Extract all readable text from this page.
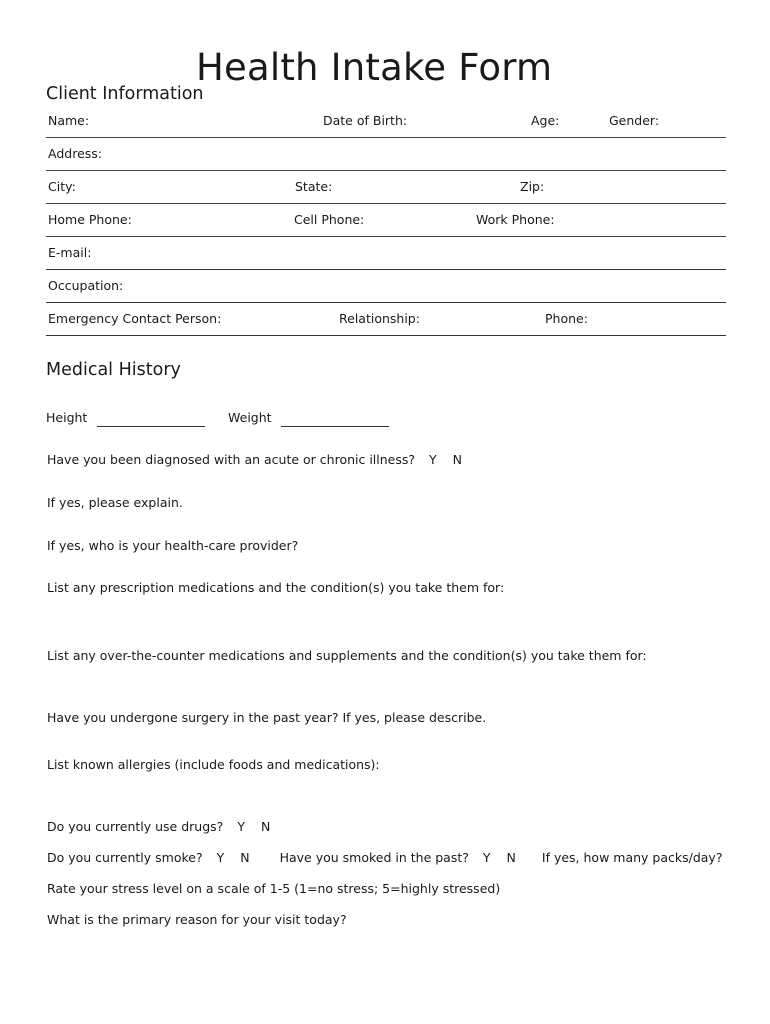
Health Intake Form
Client Information
Name:	Date of Birth:	Age:	Gender:
Address:
City:	State:	Zip:
Home Phone:	Cell Phone:	Work Phone:
E-mail:
Occupation:
Emergency Contact Person:	Relationship:	Phone:
Medical History
Height	Weight
Have you been diagnosed with an acute or chronic illness? Y N
If yes, please explain.
If yes, who is your health-care provider?
List any prescription medications and the condition(s) you take them for:
List any over-the-counter medications and supplements and the condition(s) you take them for:
Have you undergone surgery in the past year? If yes, please describe.
List known allergies (include foods and medications):
Do you currently use drugs? Y N
Do you currently smoke? Y N Have you smoked in the past? Y N If yes, how many packs/day?
Rate your stress level on a scale of 1-5 (1=no stress; 5=highly stressed)
What is the primary reason for your visit today?
